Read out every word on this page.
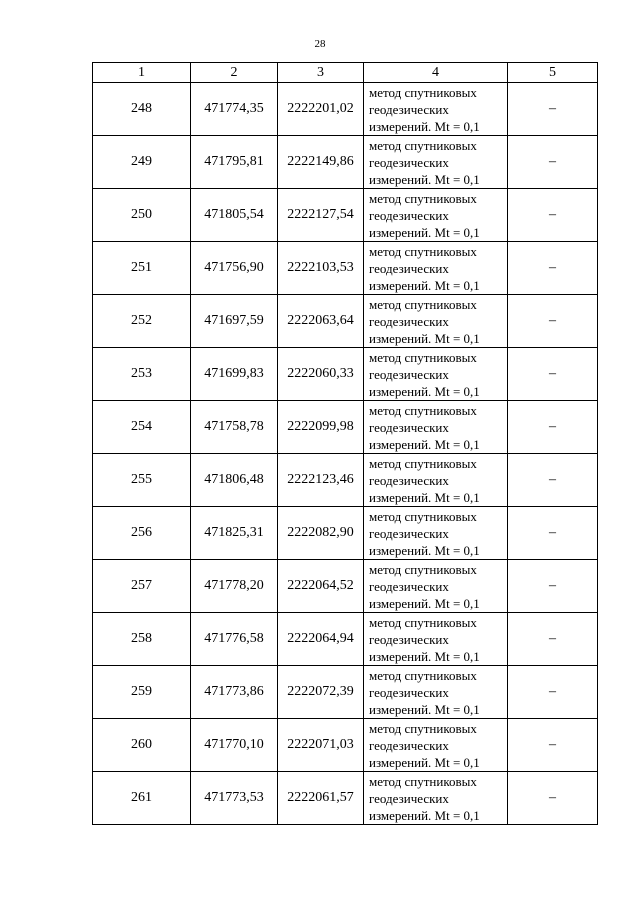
28
1	2	3	4	5
248	471774,35	2222201,02	метод спутниковых
геодезических
измерений. Mt = 0,1	–
249	471795,81	2222149,86	метод спутниковых
геодезических
измерений. Mt = 0,1	–
250	471805,54	2222127,54	метод спутниковых
геодезических
измерений. Mt = 0,1	–
251	471756,90	2222103,53	метод спутниковых
геодезических
измерений. Mt = 0,1	–
252	471697,59	2222063,64	метод спутниковых
геодезических
измерений. Mt = 0,1	–
253	471699,83	2222060,33	метод спутниковых
геодезических
измерений. Mt = 0,1	–
254	471758,78	2222099,98	метод спутниковых
геодезических
измерений. Mt = 0,1	–
255	471806,48	2222123,46	метод спутниковых
геодезических
измерений. Mt = 0,1	–
256	471825,31	2222082,90	метод спутниковых
геодезических
измерений. Mt = 0,1	–
257	471778,20	2222064,52	метод спутниковых
геодезических
измерений. Mt = 0,1	–
258	471776,58	2222064,94	метод спутниковых
геодезических
измерений. Mt = 0,1	–
259	471773,86	2222072,39	метод спутниковых
геодезических
измерений. Mt = 0,1	–
260	471770,10	2222071,03	метод спутниковых
геодезических
измерений. Mt = 0,1	–
261	471773,53	2222061,57	метод спутниковых
геодезических
измерений. Mt = 0,1	–
